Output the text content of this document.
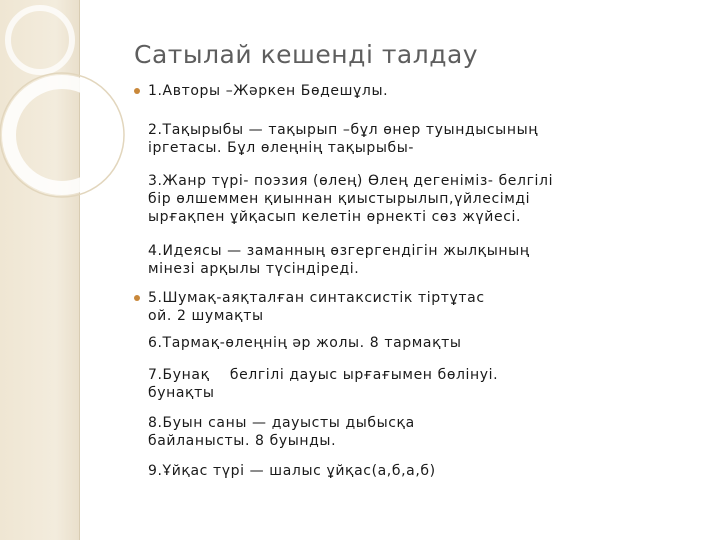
Сатылай кешенді талдау

1.Авторы –Жәркен Бөдешұлы.

2.Тақырыбы — тақырып –бұл өнер туындысының
іргетасы. Бұл өлеңнің тақырыбы-

3.Жанр түрі- поэзия (өлең) Өлең дегеніміз- белгілі
бір өлшеммен қиыннан қиыстырылып,үйлесімді
ырғақпен ұйқасып келетін өрнекті сөз жүйесі.

4.Идеясы — заманның өзгергендігін жылқының
мінезі арқылы түсіндіреді.

5.Шумақ-аяқталған синтаксистік тіртұтас
ой. 2 шумақты

6.Тармақ-өлеңнің әр жолы. 8 тармақты

7.Бунақ    белгілі дауыс ырғағымен бөлінуі.
бунақты

8.Буын саны — дауысты дыбысқа
байланысты. 8 буынды.

9.Ұйқас түрі — шалыс ұйқас(а,б,а,б)
